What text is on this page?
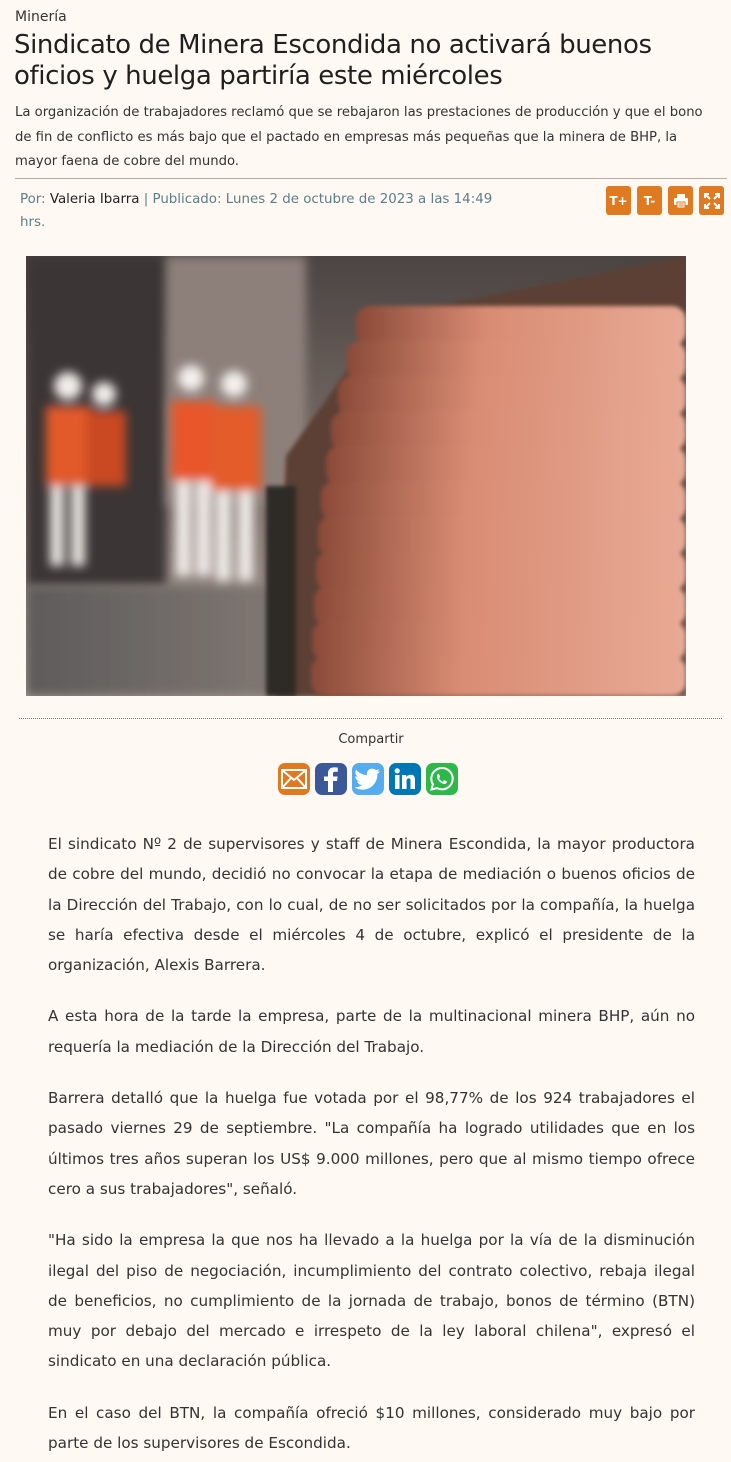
Minería
Sindicato de Minera Escondida no activará buenos oficios y huelga partiría este miércoles

La organización de trabajadores reclamó que se rebajaron las prestaciones de producción y que el bono de fin de conflicto es más bajo que el pactado en empresas más pequeñas que la minera de BHP, la mayor faena de cobre del mundo.

Por: Valeria Ibarra | Publicado: Lunes 2 de octubre de 2023 a las 14:49 hrs.
T+	T-
Compartir

El sindicato Nº 2 de supervisores y staff de Minera Escondida, la mayor productora de cobre del mundo, decidió no convocar la etapa de mediación o buenos oficios de la Dirección del Trabajo, con lo cual, de no ser solicitados por la compañía, la huelga se haría efectiva desde el miércoles 4 de octubre, explicó el presidente de la organización, Alexis Barrera.

A esta hora de la tarde la empresa, parte de la multinacional minera BHP, aún no requería la mediación de la Dirección del Trabajo.

Barrera detalló que la huelga fue votada por el 98,77% de los 924 trabajadores el pasado viernes 29 de septiembre. "La compañía ha logrado utilidades que en los últimos tres años superan los US$ 9.000 millones, pero que al mismo tiempo ofrece cero a sus trabajadores", señaló.

"Ha sido la empresa la que nos ha llevado a la huelga por la vía de la disminución ilegal del piso de negociación, incumplimiento del contrato colectivo, rebaja ilegal de beneficios, no cumplimiento de la jornada de trabajo, bonos de término (BTN) muy por debajo del mercado e irrespeto de la ley laboral chilena", expresó el sindicato en una declaración pública.

En el caso del BTN, la compañía ofreció $10 millones, considerado muy bajo por parte de los supervisores de Escondida.
